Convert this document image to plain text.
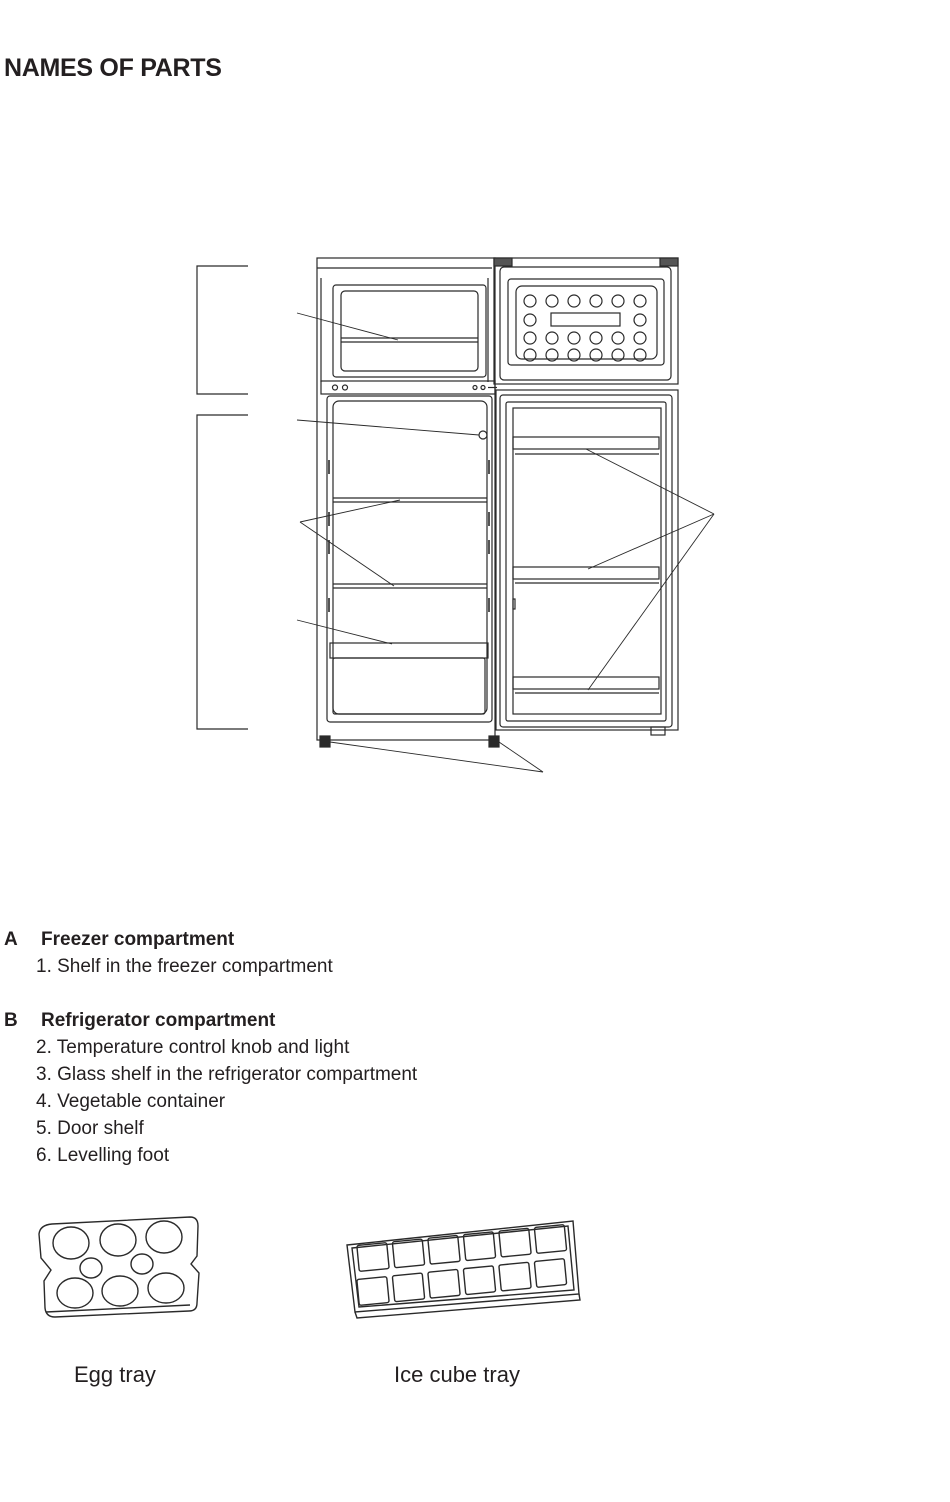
NAMES OF PARTS
A Freezer compartment
1. Shelf in the freezer compartment
B Refrigerator compartment
2. Temperature control knob and light
3. Glass shelf in the refrigerator compartment
4. Vegetable container
5. Door shelf
6. Levelling foot
Egg tray	Ice cube tray
